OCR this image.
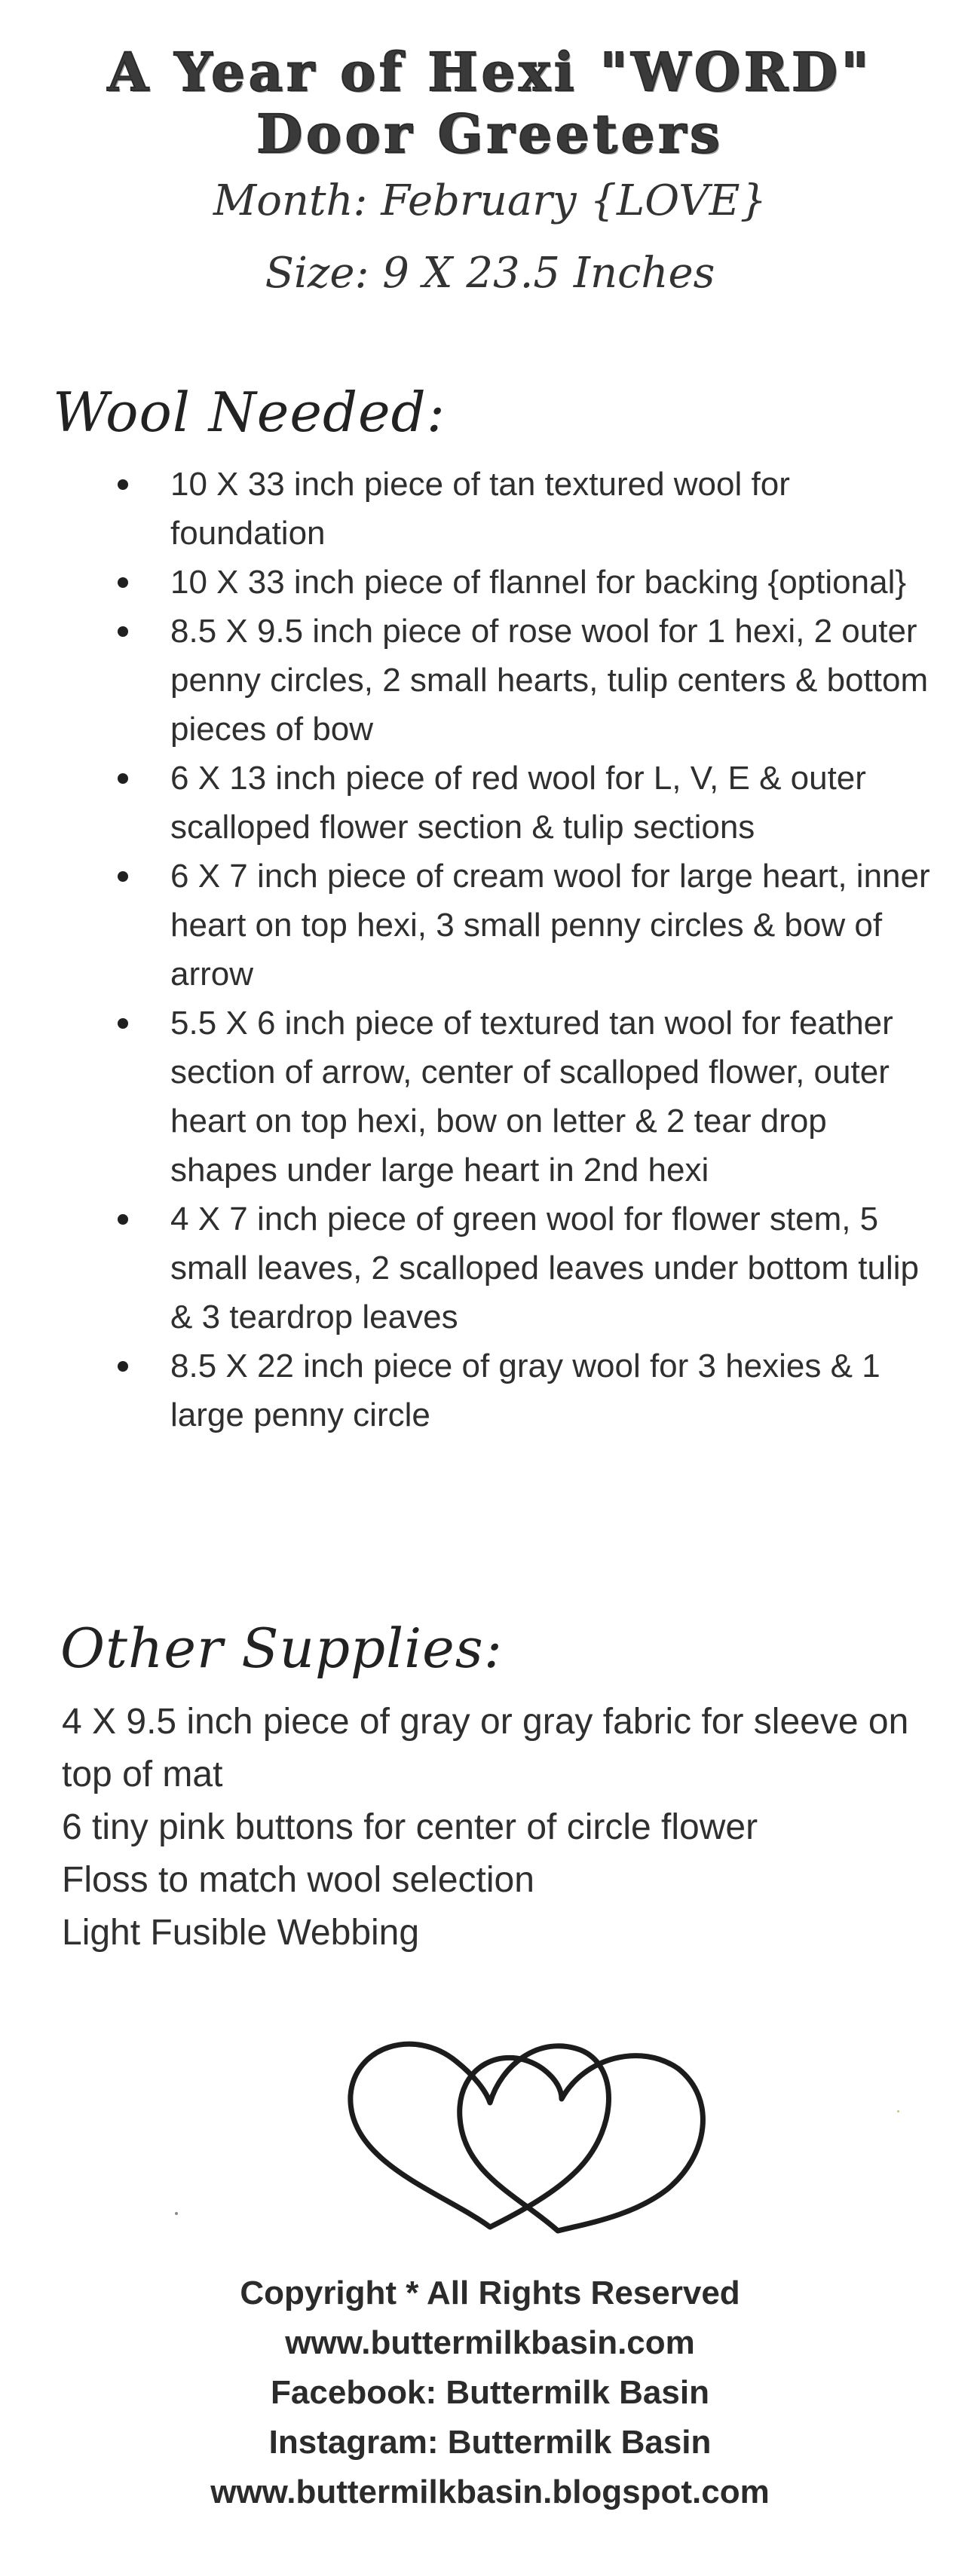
A Year of Hexi "WORD"
Door Greeters
Month: February {LOVE}
Size: 9 X 23.5 Inches
Wool Needed:
10 X 33 inch piece of tan textured wool for foundation
10 X 33 inch piece of flannel for backing {optional}
8.5 X 9.5 inch piece of rose wool for 1 hexi, 2 outer penny circles, 2 small hearts, tulip centers & bottom pieces of bow
6 X 13 inch piece of red wool for L, V, E & outer scalloped flower section & tulip sections
6 X 7 inch piece of cream wool for large heart, inner heart on top hexi, 3 small penny circles & bow of arrow
5.5 X 6 inch piece of textured tan wool for feather section of arrow, center of scalloped flower, outer heart on top hexi, bow on letter & 2 tear drop shapes under large heart in 2nd hexi
4 X 7 inch piece of green wool for flower stem, 5 small leaves, 2 scalloped leaves under bottom tulip & 3 teardrop leaves
8.5 X 22 inch piece of gray wool for 3 hexies & 1 large penny circle
Other Supplies:
4 X 9.5 inch piece of gray or gray fabric for sleeve on top of mat
6 tiny pink buttons for center of circle flower
Floss to match wool selection
Light Fusible Webbing
Copyright * All Rights Reserved
www.buttermilkbasin.com
Facebook: Buttermilk Basin
Instagram: Buttermilk Basin
www.buttermilkbasin.blogspot.com
